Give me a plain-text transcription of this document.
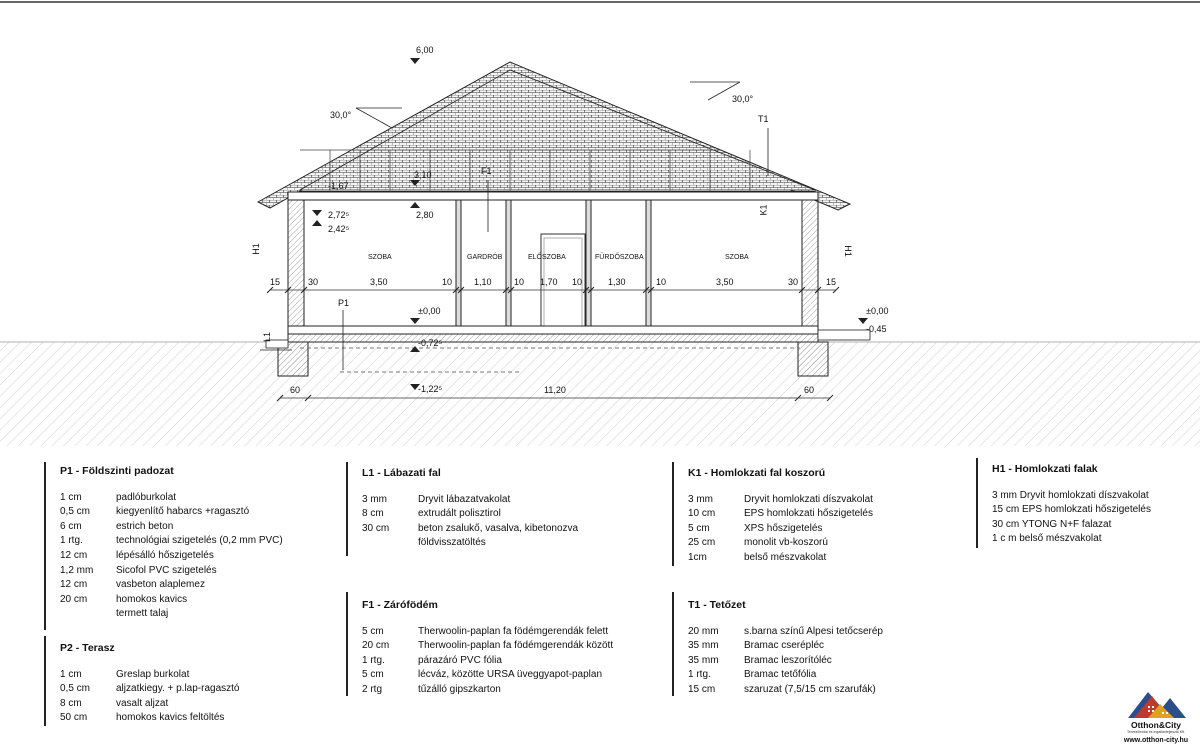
SZOBA	GARDRÓB	ELŐSZOBA	FÜRDŐSZOBA	SZOBA
15	30	3,50	10 1,10 10 1,70 10	1,30	10	3,50	30	15
60	11,20	60
6,00
3,10
2,80
2,72⁵
2,42⁵
±0,00	±0,00
-0,45
-0,72⁵
-1,22⁵
-1,67
30,0°
30,0°
F1
T1
K1
H1	H1
P1
L1
P1 - Földszinti padozat
1 cm	padlóburkolat
0,5 cm	kiegyenlítő habarcs +ragasztó
6 cm	estrich beton
1 rtg.	technológiai szigetelés (0,2 mm PVC)
12 cm	lépésálló hőszigetelés
1,2 mm	Sicofol PVC szigetelés
12 cm	vasbeton alaplemez
20 cm	homokos kavics
termett talaj
P2 - Terasz
1 cm	Greslap burkolat
0,5 cm	aljzatkiegy. + p.lap-ragasztó
8 cm	vasalt aljzat
50 cm	homokos kavics feltöltés
L1 - Lábazati fal
3 mm	Dryvit lábazatvakolat
8 cm	extrudált polisztirol
30 cm	beton zsalukő, vasalva, kibetonozva
földvisszatöltés
F1 - Zárófödém
5 cm	Therwoolin-paplan fa födémgerendák felett
20 cm	Therwoolin-paplan fa födémgerendák között
1 rtg.	párazáró PVC fólia
5 cm	lécváz, közötte URSA üveggyapot-paplan
2 rtg	tűzálló gipszkarton
K1 - Homlokzati fal koszorú
3 mm	Dryvit homlokzati díszvakolat
10 cm	EPS homlokzati hőszigetelés
5 cm	XPS hőszigetelés
25 cm	monolit vb-koszorú
1cm	belső mészvakolat
T1 - Tetőzet
20 mm	s.barna színű Alpesi tetőcserép
35 mm	Bramac cserépléc
35 mm	Bramac leszorítóléc
1 rtg.	Bramac tetőfólia
15 cm	szaruzat (7,5/15 cm szarufák)
H1 - Homlokzati falak
3 mm Dryvit homlokzati díszvakolat
15 cm EPS homlokzati hőszigetelés
30 cm YTONG N+F falazat
1 c m belső mészvakolat
Otthon&City
Tervezőirodai és Ingatlanfejlesztő Kft.
www.otthon-city.hu
